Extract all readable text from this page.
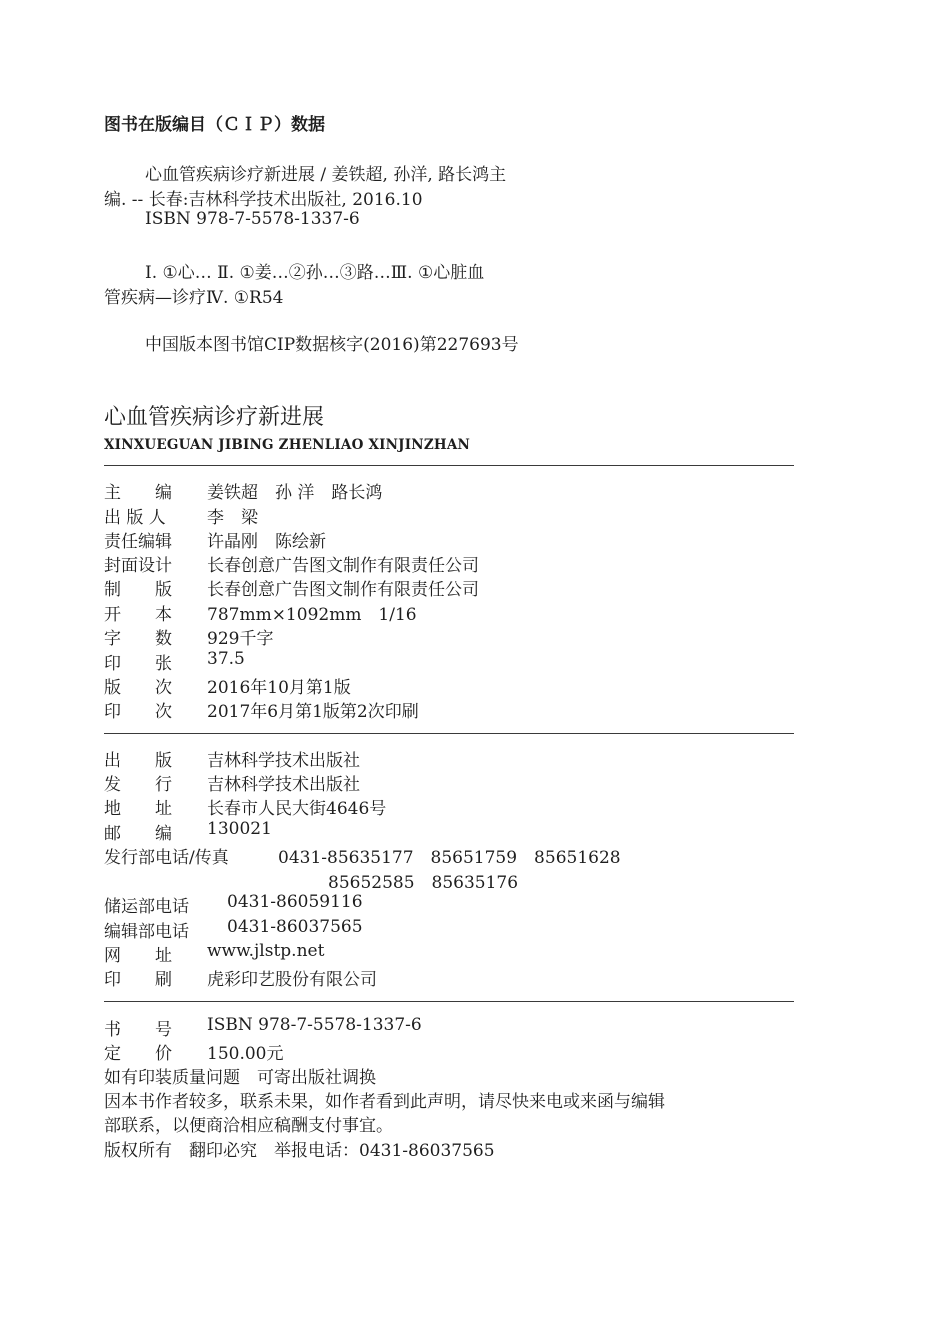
图书在版编目（ＣＩＰ）数据
心血管疾病诊疗新进展 / 姜铁超, 孙洋, 路长鸿主
编. -- 长春:吉林科学技术出版社, 2016.10
ISBN 978-7-5578-1337-6
Ⅰ. ①心… Ⅱ. ①姜…②孙…③路…Ⅲ. ①心脏血
管疾病—诊疗Ⅳ. ①R54
中国版本图书馆CIP数据核字(2016)第227693号
心血管疾病诊疗新进展
XINXUEGUAN JIBING ZHENLIAO XINJINZHAN
主　　编 姜铁超　孙 洋　路长鸿
出 版 人 李　梁
责任编辑 许晶刚　陈绘新
封面设计 长春创意广告图文制作有限责任公司
制　　版 长春创意广告图文制作有限责任公司
开　　本 787mm×1092mm　1/16
字　　数 929千字
印　　张 37.5
版　　次 2016年10月第1版
印　　次 2017年6月第1版第2次印刷
出　　版 吉林科学技术出版社
发　　行 吉林科学技术出版社
地　　址 长春市人民大街4646号
邮　　编 130021
发行部电话/传真	0431-85635177　85651759　85651628
85652585　85635176
储运部电话 0431-86059116
编辑部电话 0431-86037565
网　　址 www.jlstp.net
印　　刷 虎彩印艺股份有限公司
书　　号 ISBN 978-7-5578-1337-6
定　　价 150.00元
如有印装质量问题　可寄出版社调换
因本书作者较多，联系未果，如作者看到此声明，请尽快来电或来函与编辑
部联系，以便商洽相应稿酬支付事宜。
版权所有　翻印必究　举报电话：0431-86037565
